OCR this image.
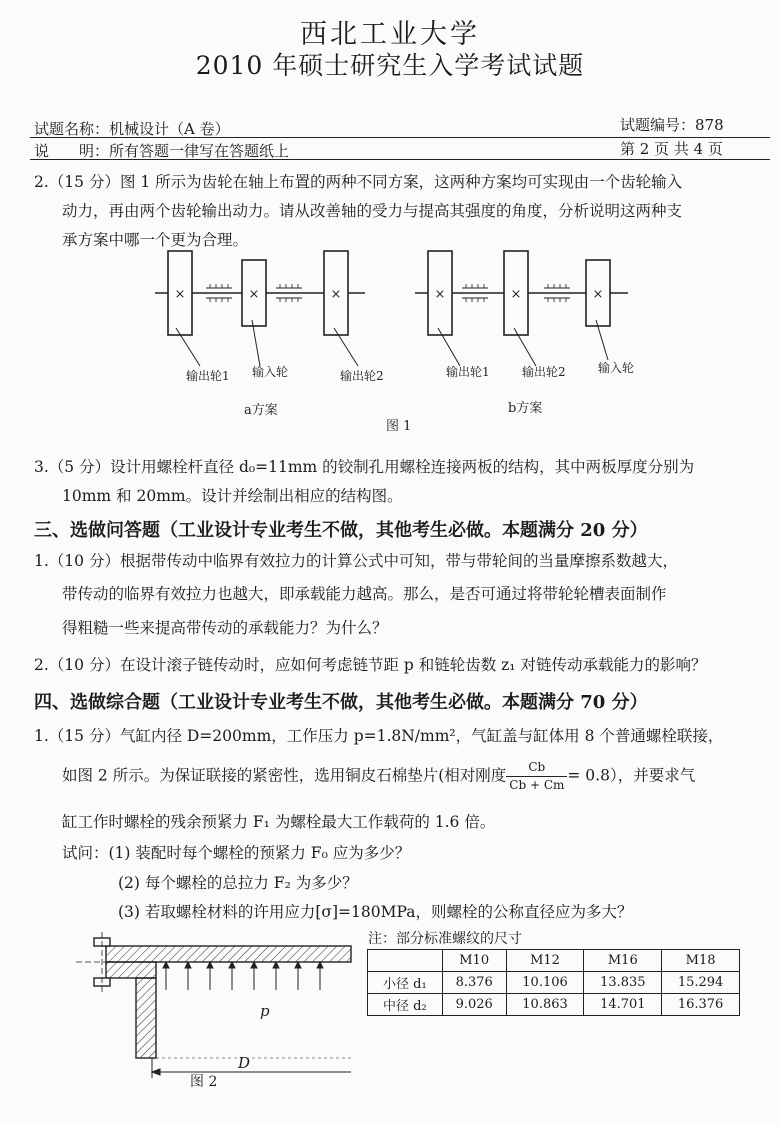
西北工业大学
2010 年硕士研究生入学考试试题
试题名称：机械设计（A 卷）	试题编号：878
说　　明：所有答题一律写在答题纸上	第 2 页 共 4 页
2.（15 分）图 1 所示为齿轮在轴上布置的两种不同方案，这两种方案均可实现由一个齿轮输入
动力，再由两个齿轮输出动力。请从改善轴的受力与提高其强度的角度，分析说明这两种支
承方案中哪一个更为合理。
×	×	×	×	×	×
输出轮1 输入轮	输出轮2	输出轮1	输出轮2	输入轮
a方案	b方案
图 1
3.（5 分）设计用螺栓杆直径 d₀=11mm 的铰制孔用螺栓连接两板的结构，其中两板厚度分别为
10mm 和 20mm。设计并绘制出相应的结构图。
三、选做问答题（工业设计专业考生不做，其他考生必做。本题满分 20 分）
1.（10 分）根据带传动中临界有效拉力的计算公式中可知，带与带轮间的当量摩擦系数越大，
带传动的临界有效拉力也越大，即承载能力越高。那么，是否可通过将带轮轮槽表面制作
得粗糙一些来提高带传动的承载能力？为什么？
2.（10 分）在设计滚子链传动时，应如何考虑链节距 p 和链轮齿数 z₁ 对链传动承载能力的影响？
四、选做综合题（工业设计专业考生不做，其他考生必做。本题满分 70 分）
1.（15 分）气缸内径 D=200mm，工作压力 p=1.8N/mm²，气缸盖与缸体用 8 个普通螺栓联接，
如图 2 所示。为保证联接的紧密性，选用铜皮石棉垫片(相对刚度 $\frac{Cb}{Cb + Cm} = 0.8$），并要求气
缸工作时螺栓的残余预紧力 F₁ 为螺栓最大工作载荷的 1.6 倍。
试问：(1) 装配时每个螺栓的预紧力 F₀ 应为多少？
(2) 每个螺栓的总拉力 F₂ 为多少？
(3) 若取螺栓材料的许用应力[σ]=180MPa，则螺栓的公称直径应为多大？
p
D
图 2
注：部分标准螺纹的尺寸
	M10	M12	M16	M18
小径 d₁	8.376	10.106	13.835	15.294
中径 d₂	9.026	10.863	14.701	16.376
